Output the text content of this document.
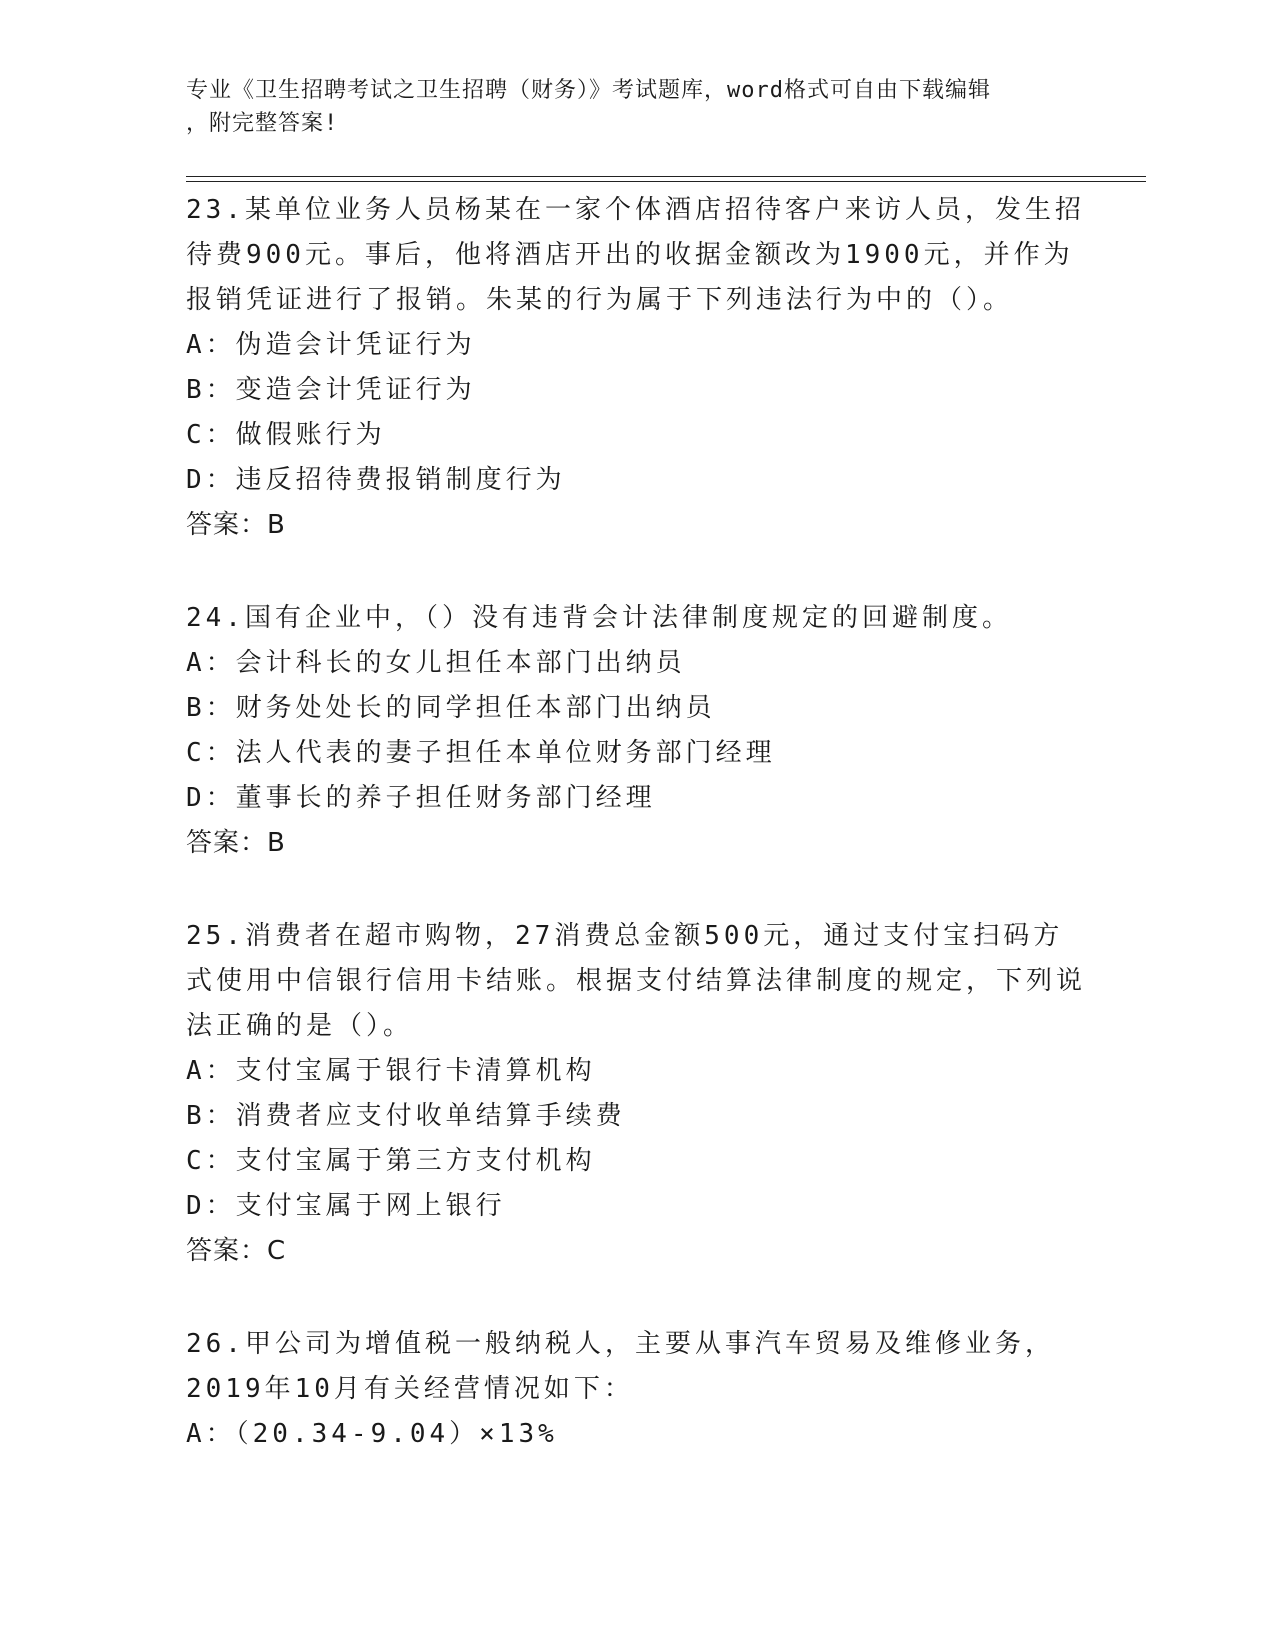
专业《卫生招聘考试之卫生招聘（财务）》考试题库，word格式可自由下载编辑
，附完整答案!
23.某单位业务人员杨某在一家个体酒店招待客户来访人员，发生招待费900元。事后，他将酒店开出的收据金额改为1900元，并作为报销凭证进行了报销。朱某的行为属于下列违法行为中的（）。
A：伪造会计凭证行为
B：变造会计凭证行为
C：做假账行为
D：违反招待费报销制度行为
答案：B
24.国有企业中，（）没有违背会计法律制度规定的回避制度。
A：会计科长的女儿担任本部门出纳员
B：财务处处长的同学担任本部门出纳员
C：法人代表的妻子担任本单位财务部门经理
D：董事长的养子担任财务部门经理
答案：B
25.消费者在超市购物，27消费总金额500元，通过支付宝扫码方式使用中信银行信用卡结账。根据支付结算法律制度的规定，下列说法正确的是（）。
A：支付宝属于银行卡清算机构
B：消费者应支付收单结算手续费
C：支付宝属于第三方支付机构
D：支付宝属于网上银行
答案：C
26.甲公司为增值税一般纳税人，主要从事汽车贸易及维修业务，2019年10月有关经营情况如下：
A：（20.34-9.04）×13%
